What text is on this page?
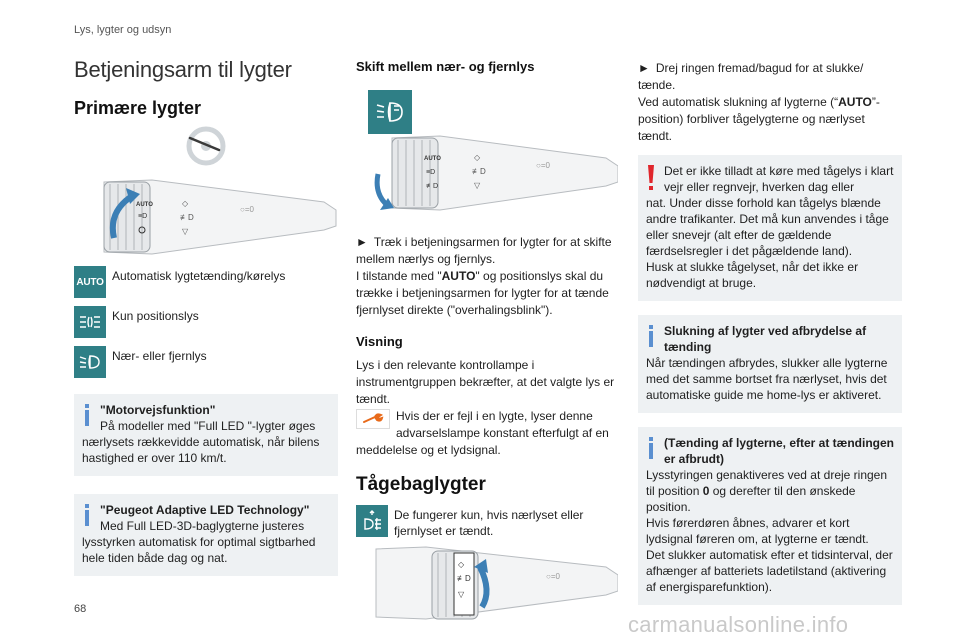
Lys, lygter og udsyn
Betjeningsarm til lygter
Primære lygter
AUTO
≡D
◇
≢D
▽
○=0
AUTO Automatisk lygtetænding/kørelys
Kun positionslys
Nær- eller fjernlys
"Motorvejsfunktion"
På modeller med "Full LED "-lygter øges
nærlysets rækkevidde automatisk, når bilens hastighed er over 110 km/t.
"Peugeot Adaptive LED Technology"
Med Full LED-3D-baglygterne justeres
lysstyrken automatisk for optimal sigtbarhed hele tiden både dag og nat.
Skift mellem nær- og fjernlys
AUTO
≡D
≢D
◇
≢D
▽
○=0
► Træk i betjeningsarmen for lygter for at skifte mellem nærlys og fjernlys.
I tilstande med "AUTO" og positionslys skal du trække i betjeningsarmen for lygter for at tænde fjernlyset direkte ("overhalingsblink").
Visning
Lys i den relevante kontrollampe i instrumentgruppen bekræfter, at det valgte lys er tændt.
Hvis der er fejl i en lygte, lyser denne advarselslampe konstant efterfulgt af en meddelelse og et lydsignal.
Tågebaglygter
De fungerer kun, hvis nærlyset eller fjernlyset er tændt.
◇
≢D
▽
○=0
► Drej ringen fremad/bagud for at slukke/ tænde.
Ved automatisk slukning af lygterne (“AUTO”-position) forbliver tågelygterne og nærlyset tændt.
Det er ikke tilladt at køre med tågelys i klart vejr eller regnvejr, hverken dag eller
nat. Under disse forhold kan tågelys blænde andre trafikanter. Det må kun anvendes i tåge eller snevejr (alt efter de gældende færdselsregler i det pågældende land).
Husk at slukke tågelyset, når det ikke er nødvendigt at bruge.
Slukning af lygter ved afbrydelse af tænding
Når tændingen afbrydes, slukker alle lygterne med det samme bortset fra nærlyset, hvis det automatiske guide me home-lys er aktiveret.
(Tænding af lygterne, efter at tændingen er afbrudt)
Lysstyringen genaktiveres ved at dreje ringen til position 0 og derefter til den ønskede position.
Hvis førerdøren åbnes, advarer et kort lydsignal føreren om, at lygterne er tændt.
Det slukker automatisk efter et tidsinterval, der afhænger af batteriets ladetilstand (aktivering af energisparefunktion).
68
carmanualsonline.info
